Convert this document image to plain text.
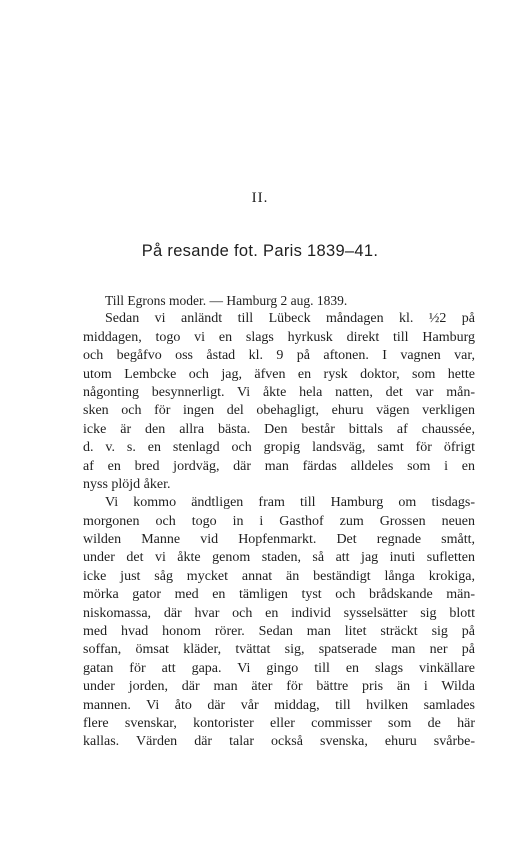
II.
På resande fot. Paris 1839–41.
Till Egrons moder. — Hamburg 2 aug. 1839.
Sedan vi anländt till Lübeck måndagen kl. ½2 på
middagen, togo vi en slags hyrkusk direkt till Hamburg
och begåfvo oss åstad kl. 9 på aftonen. I vagnen var,
utom Lembcke och jag, äfven en rysk doktor, som hette
någonting besynnerligt. Vi åkte hela natten, det var mån-
sken och för ingen del obehagligt, ehuru vägen verkligen
icke är den allra bästa. Den består bittals af chaussée,
d. v. s. en stenlagd och gropig landsväg, samt för öfrigt
af en bred jordväg, där man färdas alldeles som i en
nyss plöjd åker.
Vi kommo ändtligen fram till Hamburg om tisdags-
morgonen och togo in i Gasthof zum Grossen neuen
wilden Manne vid Hopfenmarkt. Det regnade smått,
under det vi åkte genom staden, så att jag inuti sufletten
icke just såg mycket annat än beständigt långa krokiga,
mörka gator med en tämligen tyst och brådskande män-
niskomassa, där hvar och en individ sysselsätter sig blott
med hvad honom rörer. Sedan man litet sträckt sig på
soffan, ömsat kläder, tvättat sig, spatserade man ner på
gatan för att gapa. Vi gingo till en slags vinkällare
under jorden, där man äter för bättre pris än i Wilda
mannen. Vi åto där vår middag, till hvilken samlades
flere svenskar, kontorister eller commisser som de här
kallas. Värden där talar också svenska, ehuru svårbe-
